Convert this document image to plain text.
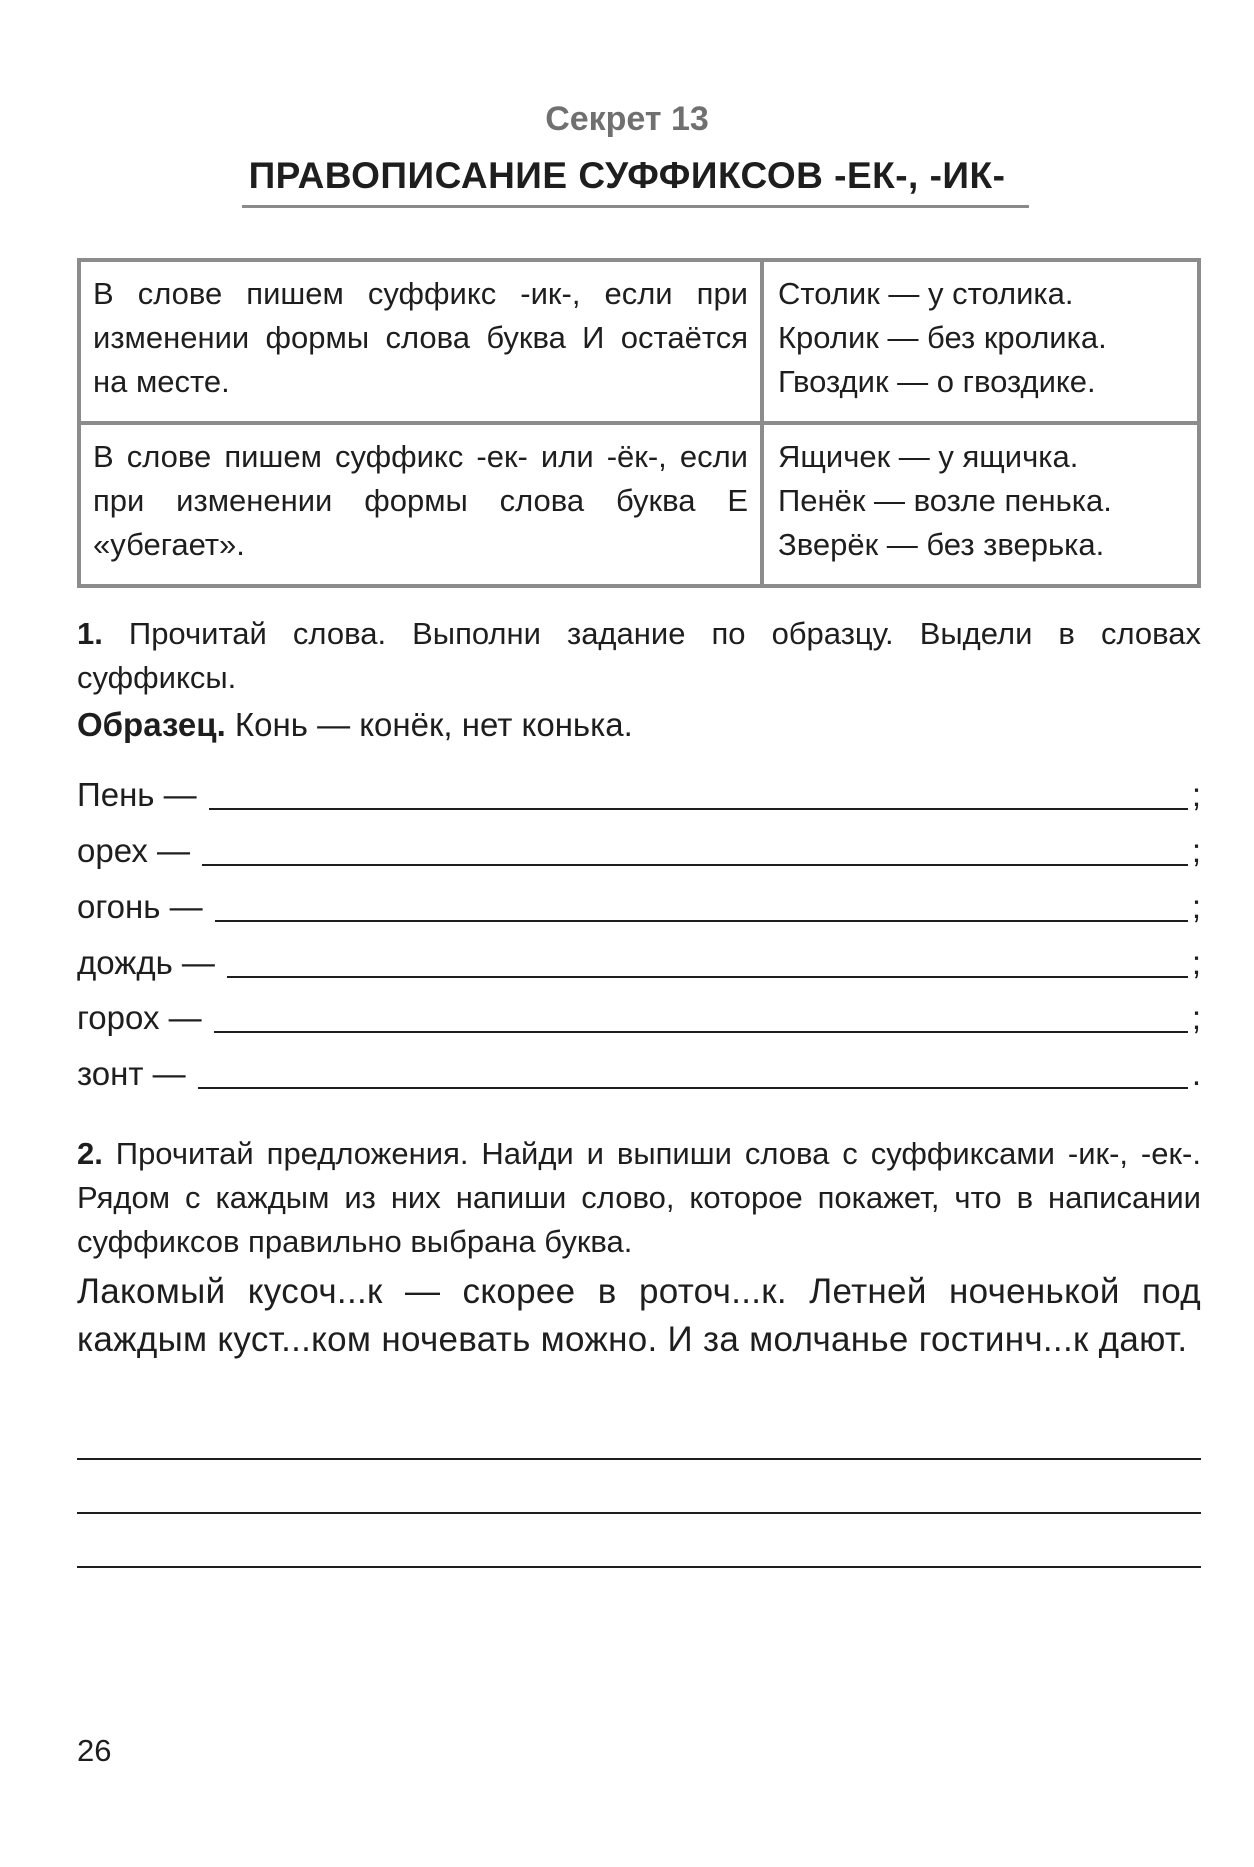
Секрет 13
ПРАВОПИСАНИЕ СУФФИКСОВ -ЕК-, -ИК-
В слове пишем суффикс -ик-, если при изменении формы слова буква И остаётся на месте.	Столик — у столика.
Кролик — без кролика.
Гвоздик — о гвоздике.

В слове пишем суффикс -ек- или -ёк-, если при изменении формы слова буква Е «убегает».	Ящичек — у ящичка.
Пенёк — возле пенька.
Зверёк — без зверька.
1. Прочитай слова. Выполни задание по образцу. Выдели в словах суффиксы.
Образец. Конь — конёк, нет конька.
Пень —	;
орех —	;
огонь —	;
дождь —	;
горох —	;
зонт —	.
2. Прочитай предложения. Найди и выпиши слова с суффиксами -ик-, -ек-. Рядом с каждым из них напиши слово, которое покажет, что в написании суффиксов правильно выбрана буква.
Лакомый кусоч...к — скорее в роточ...к. Летней ноченькой под каждым куст...ком ночевать можно. И за молчанье гостинч...к дают.
26
